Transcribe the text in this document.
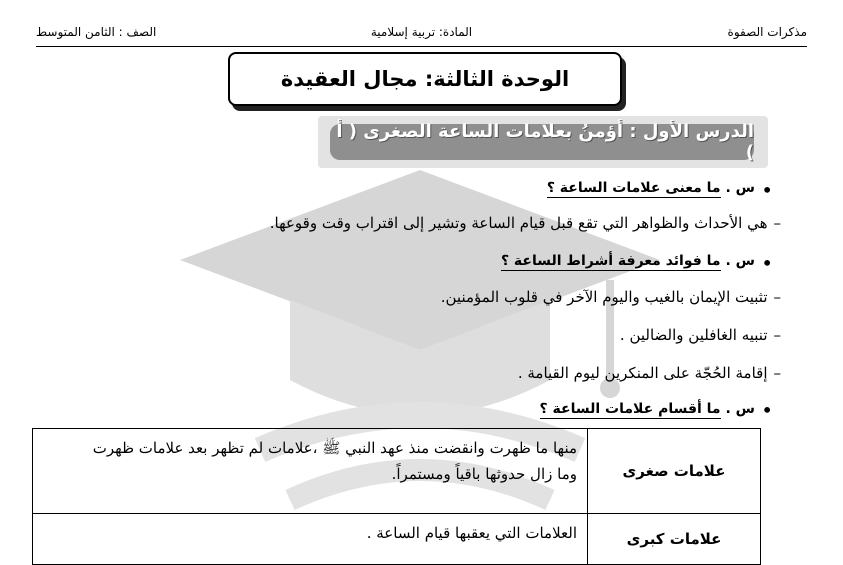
مذكرات الصفوة
المادة: تربية إسلامية
الصف : الثامن المتوسط
الوحدة الثالثة: مجال العقيدة
الدرس الأول : أؤمنُ بعلامات الساعة الصغرى ( أ )
•
س . ما معنى علامات الساعة ؟
–هي الأحداث والظواهر التي تقع قبل قيام الساعة وتشير إلى اقتراب وقت وقوعها.
•
س . ما فوائد معرفة أشراط الساعة ؟
–تثبيت الإيمان بالغيب واليوم الآخر في قلوب المؤمنين.
–تنبيه الغافلين والضالين .
–إقامة الحُجّة على المنكرين ليوم القيامة .
•
س . ما أقسام علامات الساعة ؟
علامات صغرى	منها ما ظهرت وانقضت منذ عهد النبي ﷺ ،علامات لم تظهر بعد علامات ظهرت
وما زال حدوثها باقياً ومستمراً.

علامات كبرى	العلامات التي يعقبها قيام الساعة .
